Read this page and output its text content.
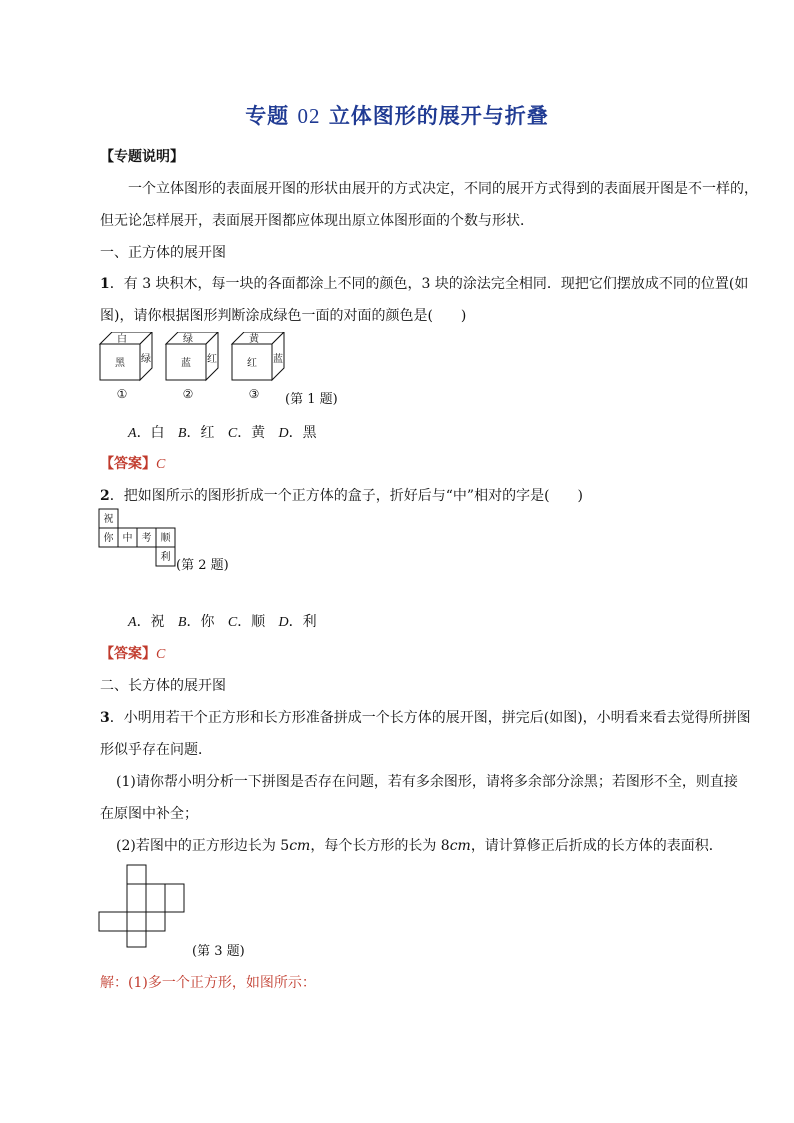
专题 02 立体图形的展开与折叠
【专题说明】
一个立体图形的表面展开图的形状由展开的方式决定，不同的展开方式得到的表面展开图是不一样的，
但无论怎样展开，表面展开图都应体现出原立体图形面的个数与形状．
一、正方体的展开图
1．有 3 块积木，每一块的各面都涂上不同的颜色，3 块的涂法完全相同．现把它们摆放成不同的位置(如
图)，请你根据图形判断涂成绿色一面的对面的颜色是(　　)
白
黑 绿
①
绿
蓝 红
②
黄
红 蓝
③ (第 1 题)
A．白 B．红 C．黄 D．黑
【答案】C
2．把如图所示的图形折成一个正方体的盒子，折好后与“中”相对的字是(　　)
祝
你 中 考 顺
利
(第 2 题)
A．祝 B．你 C．顺 D．利
【答案】C
二、长方体的展开图
3．小明用若干个正方形和长方形准备拼成一个长方体的展开图，拼完后(如图)，小明看来看去觉得所拼图
形似乎存在问题．
(1)请你帮小明分析一下拼图是否存在问题，若有多余图形，请将多余部分涂黑；若图形不全，则直接
在原图中补全；
(2)若图中的正方形边长为 5cm，每个长方形的长为 8cm，请计算修正后折成的长方体的表面积．
(第 3 题)
解：(1)多一个正方形，如图所示：
